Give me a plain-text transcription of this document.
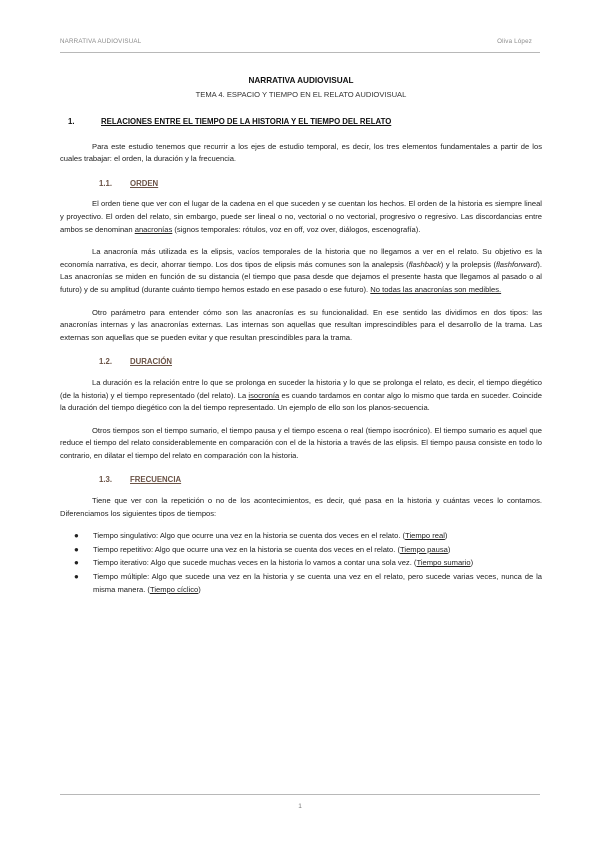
NARRATIVA AUDIOVISUAL	Oliva López
NARRATIVA AUDIOVISUAL
TEMA 4. ESPACIO Y TIEMPO EN EL RELATO AUDIOVISUAL
1.	RELACIONES ENTRE EL TIEMPO DE LA HISTORIA Y EL TIEMPO DEL RELATO

Para este estudio tenemos que recurrir a los ejes de estudio temporal, es decir, los tres elementos fundamentales a partir de los cuales trabajar: el orden, la duración y la frecuencia.

1.1.	ORDEN

El orden tiene que ver con el lugar de la cadena en el que suceden y se cuentan los hechos. El orden de la historia es siempre lineal y proyectivo. El orden del relato, sin embargo, puede ser lineal o no, vectorial o no vectorial, progresivo o regresivo. Las discordancias entre ambos se denominan anacronías (signos temporales: rótulos, voz en off, voz over, diálogos, escenografía).

La anacronía más utilizada es la elipsis, vacíos temporales de la historia que no llegamos a ver en el relato. Su objetivo es la economía narrativa, es decir, ahorrar tiempo. Los dos tipos de elipsis más comunes son la analepsis (flashback) y la prolepsis (flashforward). Las anacronías se miden en función de su distancia (el tiempo que pasa desde que dejamos el presente hasta que llegamos al pasado o al futuro) y de su amplitud (durante cuánto tiempo hemos estado en ese pasado o ese futuro). No todas las anacronías son medibles.

Otro parámetro para entender cómo son las anacronías es su funcionalidad. En ese sentido las dividimos en dos tipos: las anacronías internas y las anacronías externas. Las internas son aquellas que resultan imprescindibles para el desarrollo de la trama. Las externas son aquellas que se pueden evitar y que resultan prescindibles para la trama.

1.2.	DURACIÓN

La duración es la relación entre lo que se prolonga en suceder la historia y lo que se prolonga el relato, es decir, el tiempo diegético (de la historia) y el tiempo representado (del relato). La isocronía es cuando tardamos en contar algo lo mismo que tarda en suceder. Coincide la duración del tiempo diegético con la del tiempo representado. Un ejemplo de ello son los planos-secuencia.

Otros tiempos son el tiempo sumario, el tiempo pausa y el tiempo escena o real (tiempo isocrónico). El tiempo sumario es aquel que reduce el tiempo del relato considerablemente en comparación con el de la historia a través de las elipsis. El tiempo pausa consiste en todo lo contrario, en dilatar el tiempo del relato en comparación con la historia.

1.3.	FRECUENCIA

Tiene que ver con la repetición o no de los acontecimientos, es decir, qué pasa en la historia y cuántas veces lo contamos. Diferenciamos los siguientes tipos de tiempos:

● Tiempo singulativo: Algo que ocurre una vez en la historia se cuenta dos veces en el relato. (Tiempo real)
● Tiempo repetitivo: Algo que ocurre una vez en la historia se cuenta dos veces en el relato. (Tiempo pausa)
● Tiempo iterativo: Algo que sucede muchas veces en la historia lo vamos a contar una sola vez. (Tiempo sumario)
● Tiempo múltiple: Algo que sucede una vez en la historia y se cuenta una vez en el relato, pero sucede varias veces, nunca de la misma manera. (Tiempo cíclico)
1
